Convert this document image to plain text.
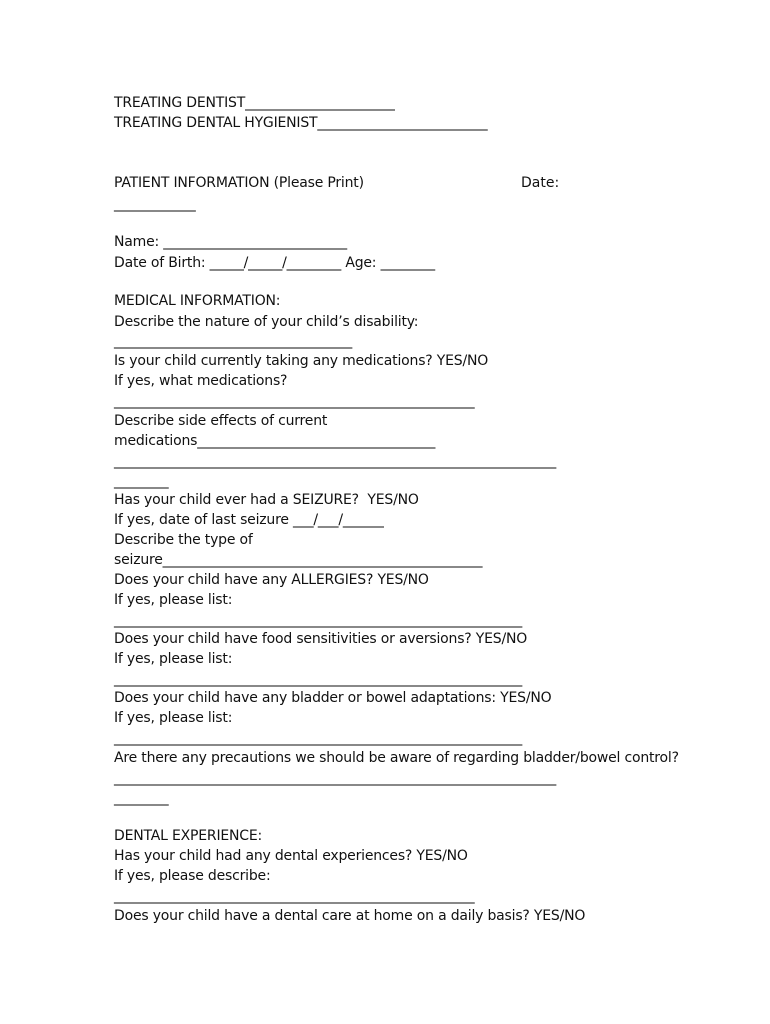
TREATING DENTIST______________________
TREATING DENTAL HYGIENIST_________________________
PATIENT INFORMATION (Please Print)	Date:
____________
Name: ___________________________
Date of Birth: _____/_____/________ Age: ________
MEDICAL INFORMATION:
Describe the nature of your child’s disability:
___________________________________
Is your child currently taking any medications? YES/NO
If yes, what medications?
_____________________________________________________
Describe side effects of current
medications___________________________________
_________________________________________________________________
________
Has your child ever had a SEIZURE?  YES/NO
If yes, date of last seizure ___/___/______
Describe the type of
seizure_______________________________________________
Does your child have any ALLERGIES? YES/NO
If yes, please list:
____________________________________________________________
Does your child have food sensitivities or aversions? YES/NO
If yes, please list:
____________________________________________________________
Does your child have any bladder or bowel adaptations: YES/NO
If yes, please list:
____________________________________________________________
Are there any precautions we should be aware of regarding bladder/bowel control?
_________________________________________________________________
________
DENTAL EXPERIENCE:
Has your child had any dental experiences? YES/NO
If yes, please describe:
_____________________________________________________
Does your child have a dental care at home on a daily basis? YES/NO
